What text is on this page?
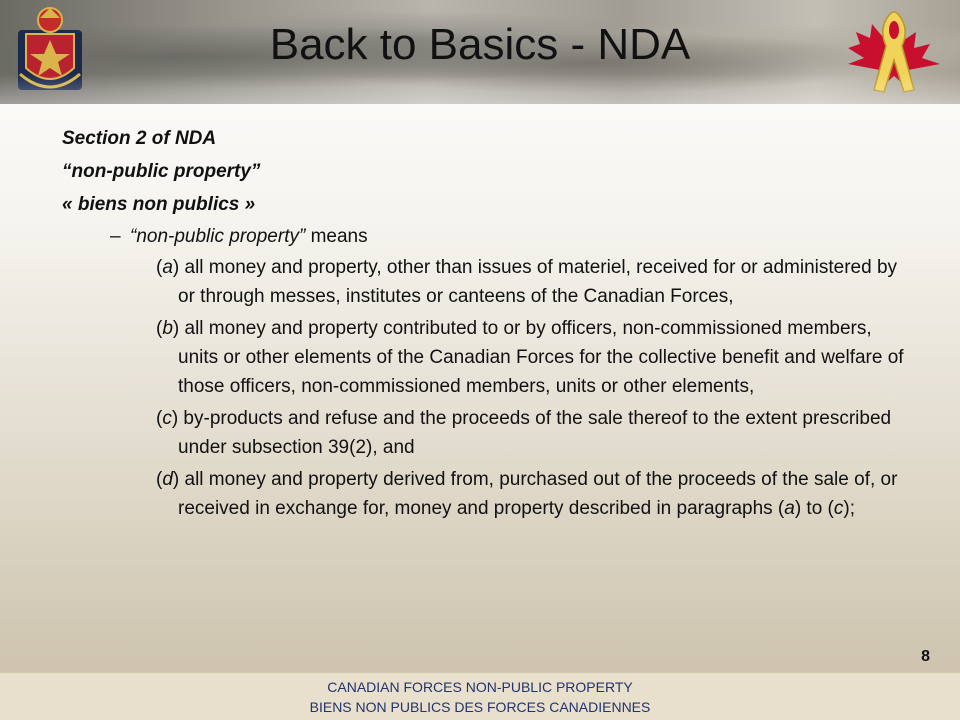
Back to Basics - NDA
Section 2 of NDA
“non-public property”
« biens non publics »
– “non-public property” means
(a) all money and property, other than issues of materiel, received for or administered by or through messes, institutes or canteens of the Canadian Forces,
(b) all money and property contributed to or by officers, non-commissioned members, units or other elements of the Canadian Forces for the collective benefit and welfare of those officers, non-commissioned members, units or other elements,
(c) by-products and refuse and the proceeds of the sale thereof to the extent prescribed under subsection 39(2), and
(d) all money and property derived from, purchased out of the proceeds of the sale of, or received in exchange for, money and property described in paragraphs (a) to (c);
8
CANADIAN FORCES NON-PUBLIC PROPERTY
BIENS NON PUBLICS DES FORCES CANADIENNES
